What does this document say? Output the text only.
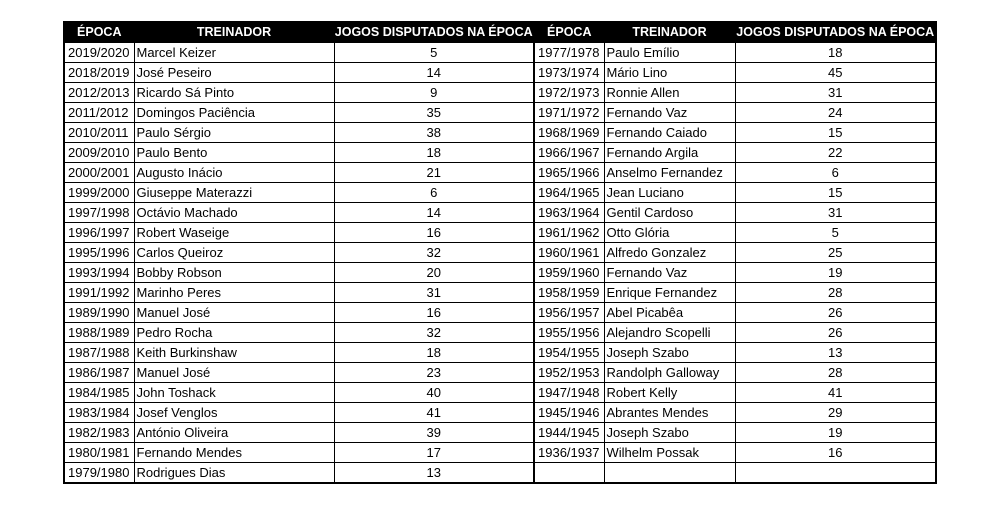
ÉPOCA	TREINADOR	JOGOS DISPUTADOS NA ÉPOCA	ÉPOCA	TREINADOR	JOGOS DISPUTADOS NA ÉPOCA
2019/2020	Marcel Keizer	5	1977/1978	Paulo Emílio	18
2018/2019	José Peseiro	14	1973/1974	Mário Lino	45
2012/2013	Ricardo Sá Pinto	9	1972/1973	Ronnie Allen	31
2011/2012	Domingos Paciência	35	1971/1972	Fernando Vaz	24
2010/2011	Paulo Sérgio	38	1968/1969	Fernando Caiado	15
2009/2010	Paulo Bento	18	1966/1967	Fernando Argila	22
2000/2001	Augusto Inácio	21	1965/1966	Anselmo Fernandez	6
1999/2000	Giuseppe Materazzi	6	1964/1965	Jean Luciano	15
1997/1998	Octávio Machado	14	1963/1964	Gentil Cardoso	31
1996/1997	Robert Waseige	16	1961/1962	Otto Glória	5
1995/1996	Carlos Queiroz	32	1960/1961	Alfredo Gonzalez	25
1993/1994	Bobby Robson	20	1959/1960	Fernando Vaz	19
1991/1992	Marinho Peres	31	1958/1959	Enrique Fernandez	28
1989/1990	Manuel José	16	1956/1957	Abel Picabêa	26
1988/1989	Pedro Rocha	32	1955/1956	Alejandro Scopelli	26
1987/1988	Keith Burkinshaw	18	1954/1955	Joseph Szabo	13
1986/1987	Manuel José	23	1952/1953	Randolph Galloway	28
1984/1985	John Toshack	40	1947/1948	Robert Kelly	41
1983/1984	Josef Venglos	41	1945/1946	Abrantes Mendes	29
1982/1983	António Oliveira	39	1944/1945	Joseph Szabo	19
1980/1981	Fernando Mendes	17	1936/1937	Wilhelm Possak	16
1979/1980	Rodrigues Dias	13			
